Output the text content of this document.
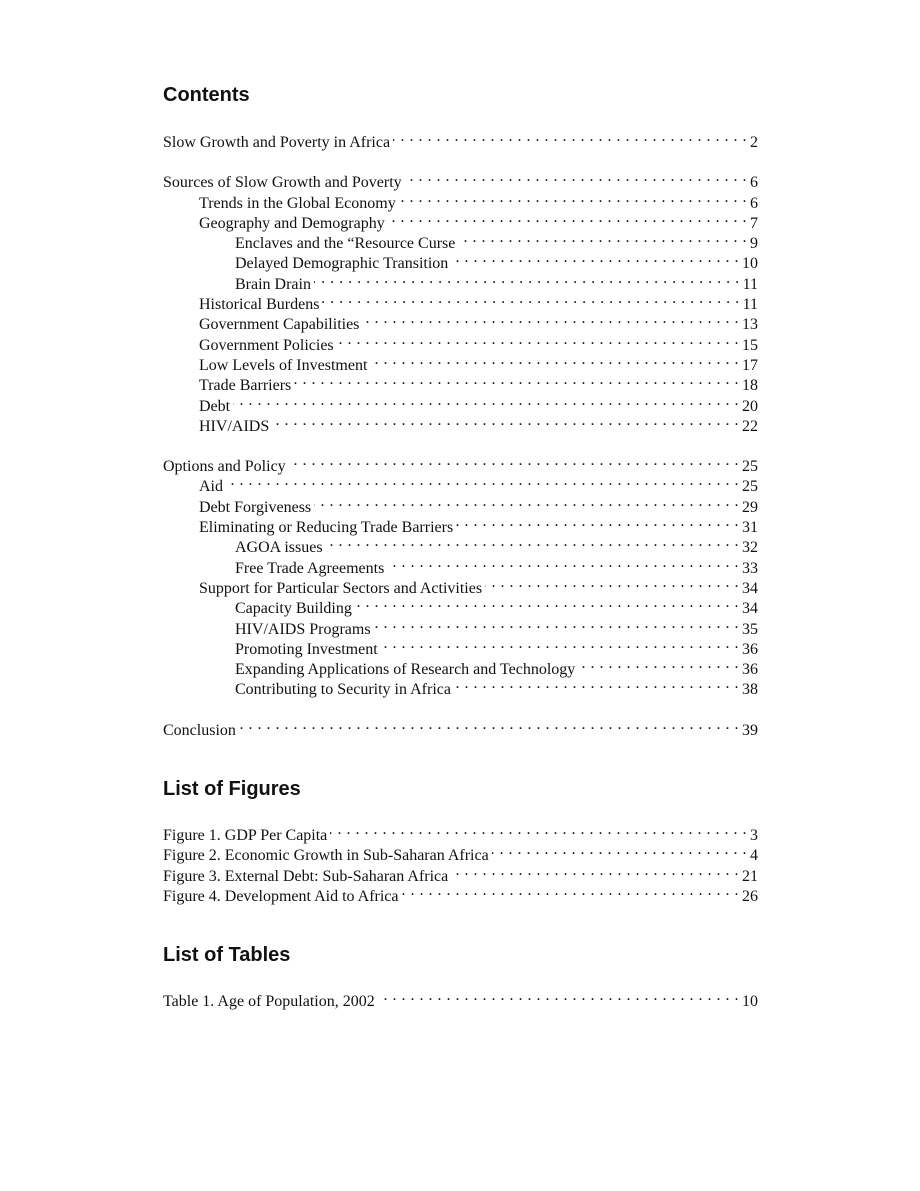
Contents
Slow Growth and Poverty in Africa . . .	2
Sources of Slow Growth and Poverty . . .	6
Trends in the Global Economy . . .	6
Geography and Demography . . .	7
Enclaves and the “Resource Curse . . .	9
Delayed Demographic Transition . . .	10
Brain Drain . . .	11
Historical Burdens . . .	11
Government Capabilities . . .	13
Government Policies . . .	15
Low Levels of Investment . . .	17
Trade Barriers . . .	18
Debt . . .	20
HIV/AIDS . . .	22
Options and Policy . . .	25
Aid . . .	25
Debt Forgiveness . . .	29
Eliminating or Reducing Trade Barriers . . .	31
AGOA issues . . .	32
Free Trade Agreements . . .	33
Support for Particular Sectors and Activities . . .	34
Capacity Building . . .	34
HIV/AIDS Programs . . .	35
Promoting Investment . . .	36
Expanding Applications of Research and Technology . . .	36
Contributing to Security in Africa . . .	38
Conclusion . . .	39
List of Figures
Figure 1. GDP Per Capita . . .	3
Figure 2. Economic Growth in Sub-Saharan Africa . . .	4
Figure 3. External Debt: Sub-Saharan Africa . . .	21
Figure 4. Development Aid to Africa . . .	26
List of Tables
Table 1. Age of Population, 2002 . . .	10
